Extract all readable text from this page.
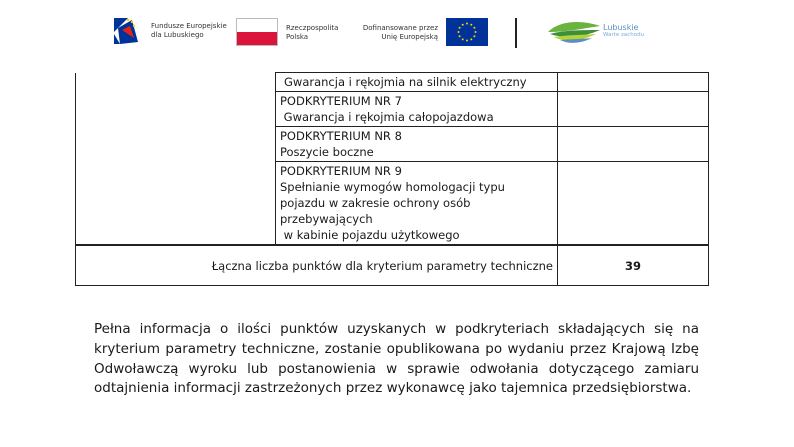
Fundusze Europejskie
dla Lubuskiego
Rzeczpospolita
Polska
Dofinansowane przez
Unię Europejską
Lubuskie
Warte zachodu

	Gwarancja i rękojmia na silnik elektryczny	

	PODKRYTERIUM NR 7
Gwarancja i rękojmia całopojazdowa	

	PODKRYTERIUM NR 8
Poszycie boczne	

	PODKRYTERIUM NR 9
Spełnianie wymogów homologacji typu
pojazdu w zakresie ochrony osób
przebywających
w kabinie pojazdu użytkowego	

Łączna liczba punktów dla kryterium parametry techniczne		39

Pełna informacja o ilości punktów uzyskanych w podkryteriach składających się na kryterium parametry techniczne, zostanie opublikowana po wydaniu przez Krajową Izbę Odwoławczą wyroku lub postanowienia w sprawie odwołania dotyczącego zamiaru odtajnienia informacji zastrzeżonych przez wykonawcę jako tajemnica przedsiębiorstwa.
